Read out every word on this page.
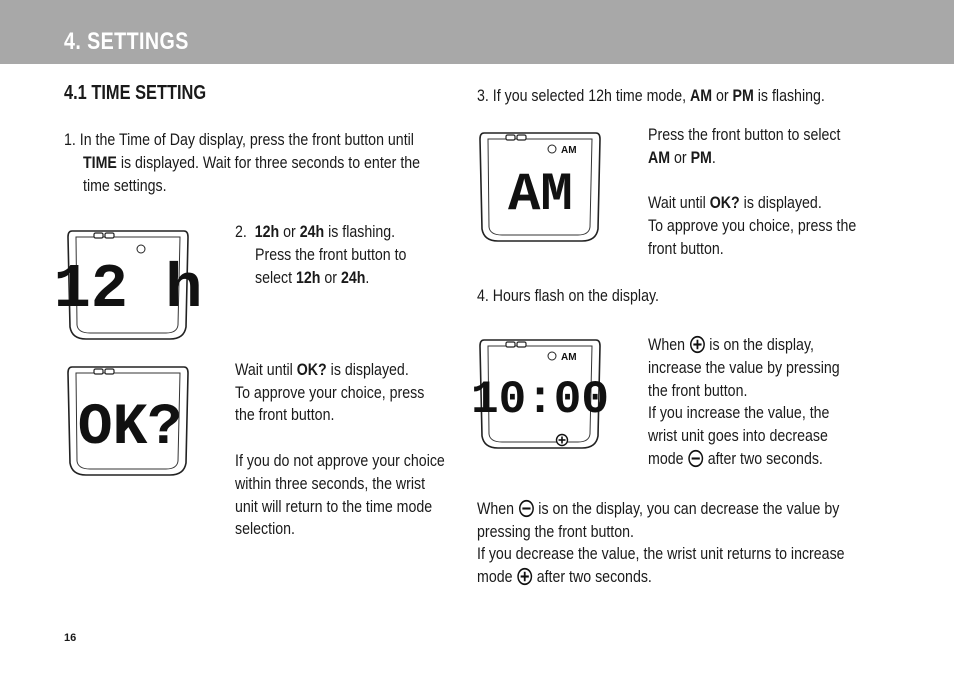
4. SETTINGS
4.1 TIME SETTING
1. In the Time of Day display, press the front button until
TIME is displayed. Wait for three seconds to enter the
time settings.
12 h
2. 12h or 24h is flashing.
Press the front button to
select 12h or 24h.
OK?
Wait until OK? is displayed.
To approve your choice, press
the front button.
If you do not approve your choice
within three seconds, the wrist
unit will return to the time mode
selection.
3. If you selected 12h time mode, AM or PM is flashing.
AM
AM
Press the front button to select
AM or PM.
Wait until OK? is displayed.
To approve you choice, press the
front button.
4. Hours flash on the display.
AM
10:00
When  is on the display,
increase the value by pressing
the front button.
If you increase the value, the
wrist unit goes into decrease
mode  after two seconds.
When  is on the display, you can decrease the value by
pressing the front button.
If you decrease the value, the wrist unit returns to increase
mode  after two seconds.
16
